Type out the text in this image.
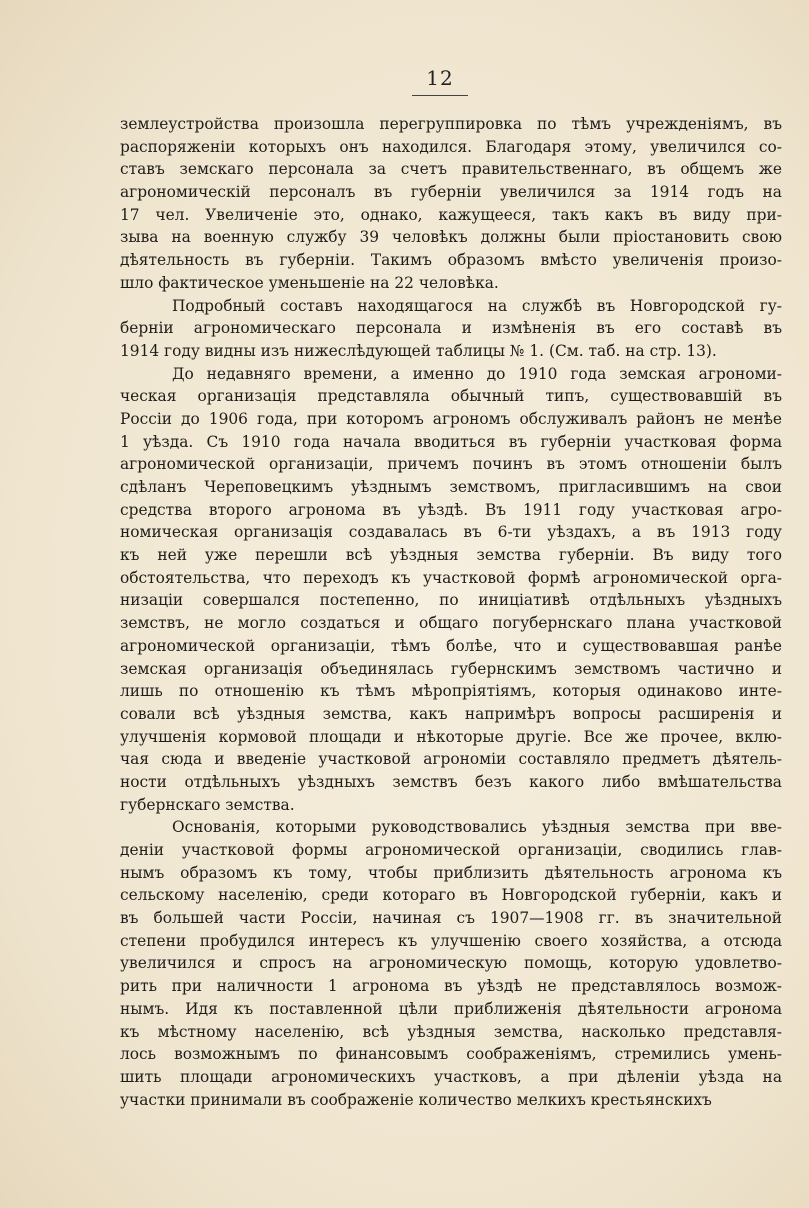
12
землеустройства произошла перегруппировка по тѣмъ учрежденіямъ, въ
распоряженіи которыхъ онъ находился. Благодаря этому, увеличился со-
ставъ земскаго персонала за счетъ правительственнаго, въ общемъ же
агрономическій персоналъ въ губерніи увеличился за 1914 годъ на
17 чел. Увеличеніе это, однако, кажущееся, такъ какъ въ виду при-
зыва на военную службу 39 человѣкъ должны были пріостановить свою
дѣятельность въ губерніи. Такимъ образомъ вмѣсто увеличенія произо-
шло фактическое уменьшеніе на 22 человѣка.
Подробный составъ находящагося на службѣ въ Новгородской гу-
берніи агрономическаго персонала и измѣненія въ его составѣ въ
1914 году видны изъ нижеслѣдующей таблицы № 1. (См. таб. на стр. 13).
До недавняго времени, а именно до 1910 года земская агрономи-
ческая организація представляла обычный типъ, существовавшій въ
Россіи до 1906 года, при которомъ агрономъ обслуживалъ районъ не менѣе
1 уѣзда. Съ 1910 года начала вводиться въ губерніи участковая форма
агрономической организаціи, причемъ починъ въ этомъ отношеніи былъ
сдѣланъ Череповецкимъ уѣзднымъ земствомъ, пригласившимъ на свои
средства второго агронома въ уѣздѣ. Въ 1911 году участковая агро-
номическая организація создавалась въ 6-ти уѣздахъ, а въ 1913 году
къ ней уже перешли всѣ уѣздныя земства губерніи. Въ виду того
обстоятельства, что переходъ къ участковой формѣ агрономической орга-
низаціи совершался постепенно, по иниціативѣ отдѣльныхъ уѣздныхъ
земствъ, не могло создаться и общаго погубернскаго плана участковой
агрономической организаціи, тѣмъ болѣе, что и существовавшая ранѣе
земская организація объединялась губернскимъ земствомъ частично и
лишь по отношенію къ тѣмъ мѣропріятіямъ, которыя одинаково инте-
совали всѣ уѣздныя земства, какъ напримѣръ вопросы расширенія и
улучшенія кормовой площади и нѣкоторые другіе. Все же прочее, вклю-
чая сюда и введеніе участковой агрономіи составляло предметъ дѣятель-
ности отдѣльныхъ уѣздныхъ земствъ безъ какого либо вмѣшательства
губернскаго земства.
Основанія, которыми руководствовались уѣздныя земства при вве-
деніи участковой формы агрономической организаціи, сводились глав-
нымъ образомъ къ тому, чтобы приблизить дѣятельность агронома къ
сельскому населенію, среди котораго въ Новгородской губерніи, какъ и
въ большей части Россіи, начиная съ 1907—1908 гг. въ значительной
степени пробудился интересъ къ улучшенію своего хозяйства, а отсюда
увеличился и спросъ на агрономическую помощь, которую удовлетво-
рить при наличности 1 агронома въ уѣздѣ не представлялось возмож-
нымъ. Идя къ поставленной цѣли приближенія дѣятельности агронома
къ мѣстному населенію, всѣ уѣздныя земства, насколько представля-
лось возможнымъ по финансовымъ соображеніямъ, стремились умень-
шить площади агрономическихъ участковъ, а при дѣленіи уѣзда на
участки принимали въ соображеніе количество мелкихъ крестьянскихъ
